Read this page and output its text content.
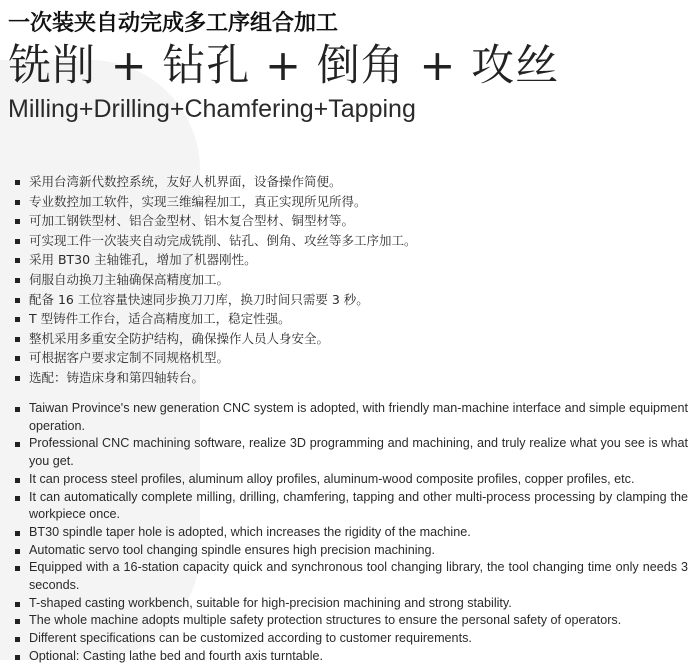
一次装夹自动完成多工序组合加工
铣削 + 钻孔 + 倒角 + 攻丝
Milling+Drilling+Chamfering+Tapping
采用台湾新代数控系统，友好人机界面，设备操作简便。
专业数控加工软件，实现三维编程加工，真正实现所见所得。
可加工钢铁型材、铝合金型材、铝木复合型材、铜型材等。
可实现工件一次装夹自动完成铣削、钻孔、倒角、攻丝等多工序加工。
采用 BT30 主轴锥孔，增加了机器刚性。
伺服自动换刀主轴确保高精度加工。
配备 16 工位容量快速同步换刀刀库，换刀时间只需要 3 秒。
T 型铸件工作台，适合高精度加工，稳定性强。
整机采用多重安全防护结构，确保操作人员人身安全。
可根据客户要求定制不同规格机型。
选配：铸造床身和第四轴转台。
Taiwan Province's new generation CNC system is adopted, with friendly man-machine interface and simple equipment operation.
Professional CNC machining software, realize 3D programming and machining, and truly realize what you see is what you get.
It can process steel profiles, aluminum alloy profiles, aluminum-wood composite profiles, copper profiles, etc.
It can automatically complete milling, drilling, chamfering, tapping and other multi-process processing by clamping the workpiece once.
BT30 spindle taper hole is adopted, which increases the rigidity of the machine.
Automatic servo tool changing spindle ensures high precision machining.
Equipped with a 16-station capacity quick and synchronous tool changing library, the tool changing time only needs 3 seconds.
T-shaped casting workbench, suitable for high-precision machining and strong stability.
The whole machine adopts multiple safety protection structures to ensure the personal safety of operators.
Different specifications can be customized according to customer requirements.
Optional: Casting lathe bed and fourth axis turntable.
